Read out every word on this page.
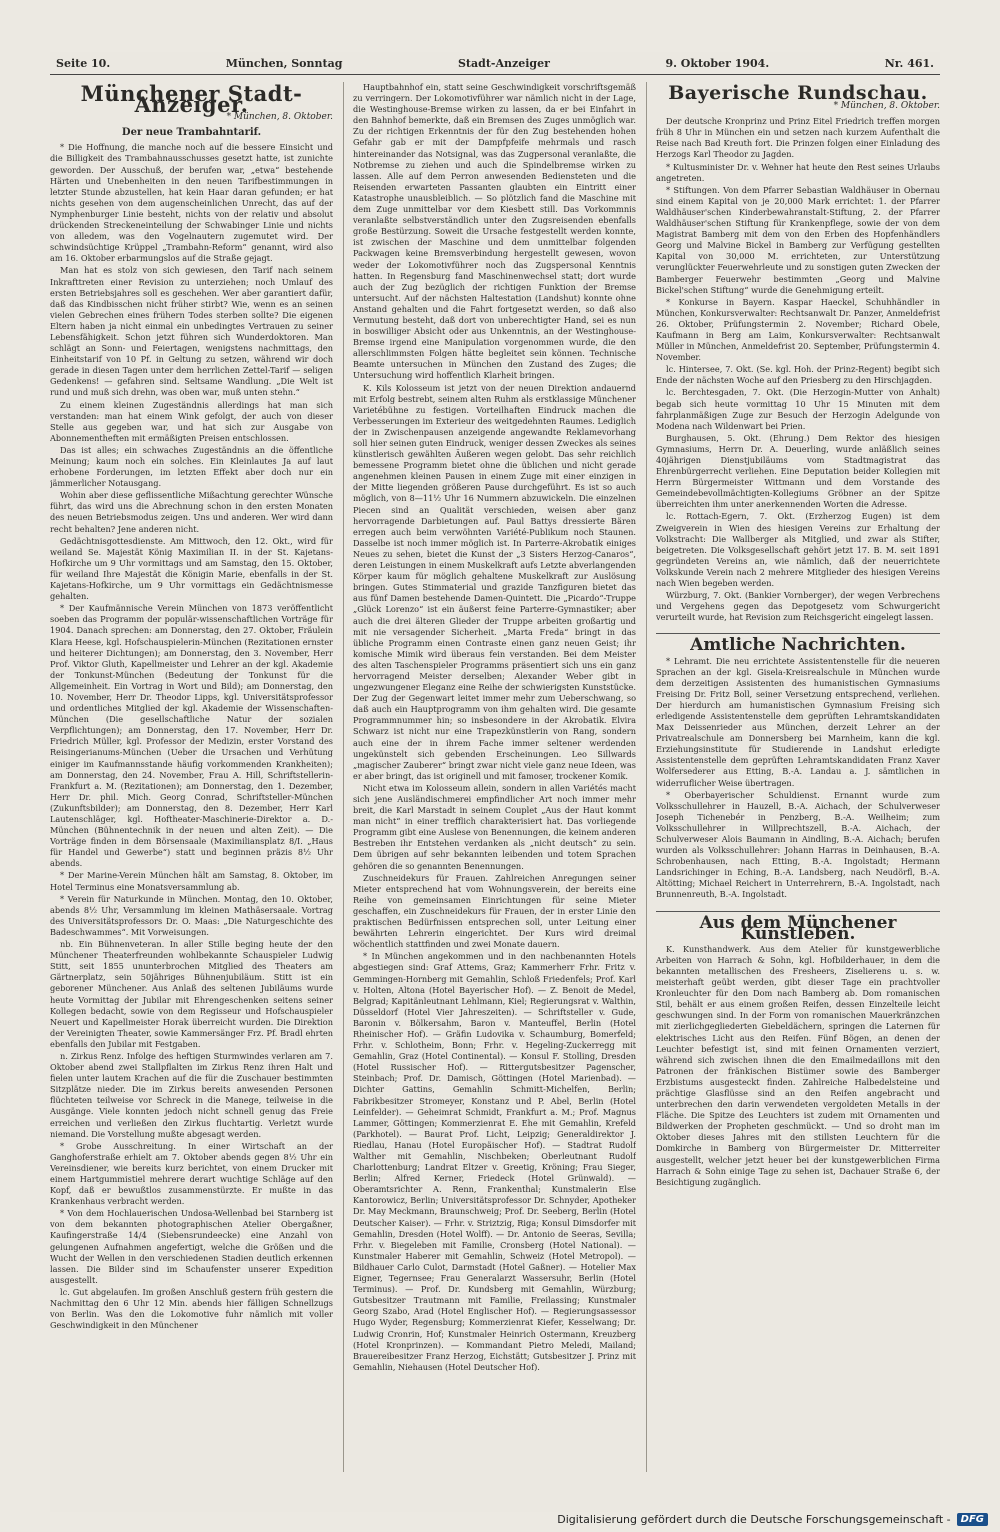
Seite 10.	München, Sonntag	Stadt-Anzeiger	9. Oktober 1904.	Nr. 461.
Münchener Stadt-Anzeiger.
* München, 8. Oktober.
Der neue Trambahntarif.
* Die Hoffnung, die manche noch auf die bessere Einsicht und die Billigkeit des Trambahnausschusses gesetzt hatte, ist zunichte geworden. Der Ausschuß, der berufen war, „etwa“ bestehende Härten und Unebenheiten in den neuen Tarifbestimmungen in letzter Stunde abzustellen, hat kein Haar daran gefunden; er hat nichts gesehen von dem augenscheinlichen Unrecht, das auf der Nymphenburger Linie besteht, nichts von der relativ und absolut drückenden Streckeneinteilung der Schwabinger Linie und nichts von alledem, was den Vogelnautern zugemutet wird. Der schwindsüchtige Krüppel „Trambahn-Reform“ genannt, wird also am 16. Oktober erbarmungslos auf die Straße gejagt.
Man hat es stolz von sich gewiesen, den Tarif nach seinem Inkrafttreten einer Revision zu unterziehen; noch Umlauf des ersten Betriebsjahres soll es geschehen. Wer aber garantiert dafür, daß das Kindbisschen nicht früher stirbt? Wie, wenn es an seinen vielen Gebrechen eines frühern Todes sterben sollte? Die eigenen Eltern haben ja nicht einmal ein unbedingtes Vertrauen zu seiner Lebensfähigkeit. Schon jetzt führen sich Wunderdoktoren. Man schlägt an Sonn- und Feiertagen, wenigstens nachmittags, den Einheitstarif von 10 Pf. in Geltung zu setzen, während wir doch gerade in diesen Tagen unter dem herrlichen Zettel-Tarif — seligen Gedenkens! — gefahren sind. Seltsame Wandlung. „Die Welt ist rund und muß sich drehn, was oben war, muß unten stehn.“
Zu einem kleinen Zugeständnis allerdings hat man sich verstanden: man hat einem Wink gefolgt, der auch von dieser Stelle aus gegeben war, und hat sich zur Ausgabe von Abonnementheften mit ermäßigten Preisen entschlossen.
Das ist alles; ein schwaches Zugeständnis an die öffentliche Meinung; kaum noch ein solches. Ein Kleinlautes Ja auf laut erhobene Forderungen, im letzten Effekt aber doch nur ein jämmerlicher Notausgang.
Wohin aber diese geflissentliche Mißachtung gerechter Wünsche führt, das wird uns die Abrechnung schon in den ersten Monaten des neuen Betriebsmodus zeigen. Uns und anderen. Wer wird dann recht behalten? Jene anderen nicht.
Gedächtnisgottesdienste. Am Mittwoch, den 12. Okt., wird für weiland Se. Majestät König Maximilian II. in der St. Kajetans-Hofkirche um 9 Uhr vormittags und am Samstag, den 15. Oktober, für weiland Ihre Majestät die Königin Marie, ebenfalls in der St. Kajetans-Hofkirche, um 9 Uhr vormittags ein Gedächtnismesse gehalten.
* Der Kaufmännische Verein München von 1873 veröffentlicht soeben das Programm der populär-wissenschaftlichen Vorträge für 1904. Danach sprechen: am Donnerstag, den 27. Oktober, Fräulein Klara Heese, kgl. Hofschauspielerin-München (Rezitationen ernster und heiterer Dichtungen); am Donnerstag, den 3. November, Herr Prof. Viktor Gluth, Kapellmeister und Lehrer an der kgl. Akademie der Tonkunst-München (Bedeutung der Tonkunst für die Allgemeinheit. Ein Vortrag in Wort und Bild); am Donnerstag, den 10. November, Herr Dr. Theodor Lipps, kgl. Universitätsprofessor und ordentliches Mitglied der kgl. Akademie der Wissenschaften-München (Die gesellschaftliche Natur der sozialen Verpflichtungen); am Donnerstag, den 17. November, Herr Dr. Friedrich Müller, kgl. Professor der Medizin, erster Vorstand des Reisingerianums-München (Ueber die Ursachen und Verhütung einiger im Kaufmannsstande häufig vorkommenden Krankheiten); am Donnerstag, den 24. November, Frau A. Hill, Schriftstellerin-Frankfurt a. M. (Rezitationen); am Donnerstag, den 1. Dezember, Herr Dr. phil. Mich. Georg Conrad, Schriftsteller-München (Zukunftsbilder); am Donnerstag, den 8. Dezember, Herr Karl Lautenschläger, kgl. Hoftheater-Maschinerie-Direktor a. D.-München (Bühnentechnik in der neuen und alten Zeit). — Die Vorträge finden in dem Börsensaale (Maximiliansplatz 8/I. „Haus für Handel und Gewerbe“) statt und beginnen präzis 8½ Uhr abends.
* Der Marine-Verein München hält am Samstag, 8. Oktober, im Hotel Terminus eine Monatsversammlung ab.
* Verein für Naturkunde in München. Montag, den 10. Oktober, abends 8½ Uhr, Versammlung im kleinen Mathäsersaale. Vortrag des Universitätsprofessors Dr. O. Maas: „Die Naturgeschichte des Badeschwammes“. Mit Vorweisungen.
nb. Ein Bühnenveteran. In aller Stille beging heute der den Münchener Theaterfreunden wohlbekannte Schauspieler Ludwig Stitt, seit 1855 ununterbrochen Mitglied des Theaters am Gärtnerplatz, sein 50jähriges Bühnenjubiläum. Stitt ist ein geborener Münchener. Aus Anlaß des seltenen Jubiläums wurde heute Vormittag der Jubilar mit Ehrengeschenken seitens seiner Kollegen bedacht, sowie von dem Regisseur und Hofschauspieler Neuert und Kapellmeister Horak überreicht wurden. Die Direktion der Vereinigten Theater, sowie Kammersänger Frz. Pf. Bradl ehrten ebenfalls den Jubilar mit Festgaben.
n. Zirkus Renz. Infolge des heftigen Sturmwindes verlaren am 7. Oktober abend zwei Stallpflalten im Zirkus Renz ihren Halt und fielen unter lautem Krachen auf die für die Zuschauer bestimmten Sitzplätze nieder. Die im Zirkus bereits anwesenden Personen flüchteten teilweise vor Schreck in die Manege, teilweise in die Ausgänge. Viele konnten jedoch nicht schnell genug das Freie erreichen und verließen den Zirkus fluchtartig. Verletzt wurde niemand. Die Vorstellung mußte abgesagt werden.
* Grobe Ausschreitung. In einer Wirtschaft an der Ganghoferstraße erhielt am 7. Oktober abends gegen 8½ Uhr ein Vereinsdiener, wie bereits kurz berichtet, von einem Drucker mit einem Hartgummistiel mehrere derart wuchtige Schläge auf den Kopf, daß er bewußtlos zusammenstürzte. Er mußte in das Krankenhaus verbracht werden.
* Von dem Hochlauerischen Undosa-Wellenbad bei Starnberg ist von dem bekannten photographischen Atelier Obergaßner, Kaufingerstraße 14/4 (Siebensrundeecke) eine Anzahl von gelungenen Aufnahmen angefertigt, welche die Größen und die Wucht der Wellen in den verschiedenen Stadien deutlich erkennen lassen. Die Bilder sind im Schaufenster unserer Expedition ausgestellt.
lc. Gut abgelaufen. Im großen Anschluß gestern früh gestern die Nachmittag den 6 Uhr 12 Min. abends hier fälligen Schnellzugs von Berlin. Was den die Lokomotive fuhr nämlich mit voller Geschwindigkeit in den Münchener
Hauptbahnhof ein, statt seine Geschwindigkeit vorschriftsgemäß zu verringern. Der Lokomotivführer war nämlich nicht in der Lage, die Westinghouse-Bremse wirken zu lassen, da er bei Einfahrt in den Bahnhof bemerkte, daß ein Bremsen des Zuges unmöglich war. Zu der richtigen Erkenntnis der für den Zug bestehenden hohen Gefahr gab er mit der Dampfpfeife mehrmals und rasch hintereinander das Notsignal, was das Zugpersonal veranlaßte, die Notbremse zu ziehen und auch die Spindelbremse wirken zu lassen. Alle auf dem Perron anwesenden Bediensteten und die Reisenden erwarteten Passanten glaubten ein Eintritt einer Katastrophe unausbleiblich. — So plötzlich fand die Maschine mit dem Zuge unmittelbar vor dem Kiesbett still. Das Vorkommnis veranlaßte selbstverständlich unter den Zugsreisenden ebenfalls große Bestürzung. Soweit die Ursache festgestellt werden konnte, ist zwischen der Maschine und dem unmittelbar folgenden Packwagen keine Bremsverbindung hergestellt gewesen, wovon weder der Lokomotivführer noch das Zugspersonal Kenntnis hatten. In Regensburg fand Maschinenwechsel statt; dort wurde auch der Zug bezüglich der richtigen Funktion der Bremse untersucht. Auf der nächsten Haltestation (Landshut) konnte ohne Anstand gehalten und die Fahrt fortgesetzt werden, so daß also Vermutung besteht, daß dort von unberechtigter Hand, sei es nun in boswilliger Absicht oder aus Unkenntnis, an der Westinghouse-Bremse irgend eine Manipulation vorgenommen wurde, die den allerschlimmsten Folgen hätte begleitet sein können. Technische Beamte untersuchen in München den Zustand des Zuges; die Untersuchung wird hoffentlich Klarheit bringen.
K. Kils Kolosseum ist jetzt von der neuen Direktion andauernd mit Erfolg bestrebt, seinem alten Ruhm als erstklassige Münchener Varietébühne zu festigen. Vorteilhaften Eindruck machen die Verbesserungen im Exterieur des weitgedehnten Raumes. Lediglich der in Zwischenpausen anzeigende angewandte Reklamevorhang soll hier seinen guten Eindruck, weniger dessen Zweckes als seines künstlerisch gewählten Äußeren wegen gelobt. Das sehr reichlich bemessene Programm bietet ohne die üblichen und nicht gerade angenehmen kleinen Pausen in einem Zuge mit einer einzigen in der Mitte liegenden größeren Pause durchgeführt. Es ist so auch möglich, von 8—11½ Uhr 16 Nummern abzuwickeln. Die einzelnen Piecen sind an Qualität verschieden, weisen aber ganz hervorragende Darbietungen auf. Paul Battys dressierte Bären erregen auch beim verwöhnten Variété-Publikum noch Staunen. Dasselbe ist noch immer möglich ist. In Parterre-Akrobatik einiges Neues zu sehen, bietet die Kunst der „3 Sisters Herzog-Canaros“, deren Leistungen in einem Muskelkraft aufs Letzte abverlangenden Körper kaum für möglich gehaltene Muskelkraft zur Auslösung bringen. Gutes Stimmaterial und grazide Tanzfiguren bietet das aus fünf Damen bestehende Damen-Quintett. Die „Picardo“-Truppe „Glück Lorenzo“ ist ein äußerst feine Parterre-Gymnastiker; aber auch die drei älteren Glieder der Truppe arbeiten großartig und mit nie versagender Sicherheit. „Marta Freda“ bringt in das übliche Programm einen Contraste einen ganz neuen Geist; ihr komische Mimik wird überaus fein verstanden. Bei dem Meister des alten Taschenspieler Programms präsentiert sich uns ein ganz hervorragend Meister derselben; Alexander Weber gibt in ungezwungener Eleganz eine Reihe der schwierigsten Kunststücke. Der Zug der Gegenwart leitet immer mehr zum Ueberschwang, so daß auch ein Hauptprogramm von ihm gehalten wird. Die gesamte Programmnummer hin; so insbesondere in der Akrobatik. Elvira Schwarz ist nicht nur eine Trapezkünstlerin von Rang, sondern auch eine der in ihrem Fache immer seltener werdenden ungekünstelt sich gebenden Erscheinungen. Leo Sillwards „magischer Zauberer“ bringt zwar nicht viele ganz neue Ideen, was er aber bringt, das ist originell und mit famoser, trockener Komik.
Nicht etwa im Kolosseum allein, sondern in allen Variétés macht sich jene Ausländischmerei empfindlicher Art noch immer mehr breit, die Karl Marstadt in seinem Couplet „Aus der Haut kommt man nicht“ in einer trefflich charakterisiert hat. Das vorliegende Programm gibt eine Auslese von Benennungen, die keinem anderen Bestreben ihr Entstehen verdanken als „nicht deutsch“ zu sein. Dem übrigen auf sehr bekannten leibenden und totem Sprachen gehören die so genannten Benennungen.
Zuschneidekurs für Frauen. Zahlreichen Anregungen seiner Mieter entsprechend hat vom Wohnungsverein, der bereits eine Reihe von gemeinsamen Einrichtungen für seine Mieter geschaffen, ein Zuschneidekurs für Frauen, der in erster Linie den praktischen Bedürfnissen entsprechen soll, unter Leitung einer bewährten Lehrerin eingerichtet. Der Kurs wird dreimal wöchentlich stattfinden und zwei Monate dauern.
* In München angekommen und in den nachbenannten Hotels abgestiegen sind: Graf Attems, Graz; Kammerherr Frhr. Fritz v. Gemmingen-Hornberg mit Gemahlin, Schloß Friedenfels; Prof. Karl v. Holten, Altona (Hotel Bayerischer Hof). — Z. Benoit de Medel, Belgrad; Kapitänleutnant Lehlmann, Kiel; Regierungsrat v. Walthin, Düsseldorf (Hotel Vier Jahreszeiten). — Schriftsteller v. Gude, Baronin v. Bölkersahm, Baron v. Manteuffel, Berlin (Hotel Rheinischer Hof). — Gräfin Ludovika v. Schaumburg, Bomerfeld; Frhr. v. Schlotheim, Bonn; Frhr. v. Hegeling-Zuckerregg mit Gemahlin, Graz (Hotel Continental). — Konsul F. Stolling, Dresden (Hotel Russischer Hof). — Rittergutsbesitzer Pagenscher, Steinbach; Prof. Dr. Damisch, Göttingen (Hotel Marienbad). — Dichter Gattins, Gemahlin Schmitt-Michelfen, Berlin; Fabrikbesitzer Stromeyer, Konstanz und P. Abel, Berlin (Hotel Leinfelder). — Geheimrat Schmidt, Frankfurt a. M.; Prof. Magnus Lammer, Göttingen; Kommerzienrat E. Ehe mit Gemahlin, Krefeld (Parkhotel). — Baurat Prof. Licht, Leipzig; Generaldirektor J. Riedlau, Hanau (Hotel Europäischer Hof). — Stadtrat Rudolf Walther mit Gemahlin, Nischbeken; Oberleutnant Rudolf Charlottenburg; Landrat Eltzer v. Greetig, Kröning; Frau Sieger, Berlin; Alfred Kerner, Friedeck (Hotel Grünwald). — Oberamtsrichter A. Renn, Frankenthal; Kunstmalerin Else Kantorowicz, Berlin; Universitätsprofessor Dr. Schnyder, Apotheker Dr. May Meckmann, Braunschweig; Prof. Dr. Seeberg, Berlin (Hotel Deutscher Kaiser). — Frhr. v. Striztzig, Riga; Konsul Dimsdorfer mit Gemahlin, Dresden (Hotel Wolff). — Dr. Antonio de Seeras, Sevilla; Frhr. v. Biegeleben mit Familie, Cronsberg (Hotel National). — Kunstmaler Haberer mit Gemahlin, Schweiz (Hotel Metropol). — Bildhauer Carlo Culot, Darmstadt (Hotel Gaßner). — Hotelier Max Eigner, Tegernsee; Frau Generalarzt Wassersuhr, Berlin (Hotel Terminus). — Prof. Dr. Kundsberg mit Gemahlin, Würzburg; Gutsbesitzer Trautmann mit Familie, Freilassing; Kunstmaler Georg Szabo, Arad (Hotel Englischer Hof). — Regierungsassessor Hugo Wyder, Regensburg; Kommerzienrat Kiefer, Kesselwang; Dr. Ludwig Cronrin, Hof; Kunstmaler Heinrich Ostermann, Kreuzberg (Hotel Kronprinzen). — Kommandant Pietro Meledi, Mailand; Brauereibesitzer Franz Herzog, Eichstätt; Gutsbesitzer J. Prinz mit Gemahlin, Niehausen (Hotel Deutscher Hof).
Bayerische Rundschau.
* München, 8. Oktober.
Der deutsche Kronprinz und Prinz Eitel Friedrich treffen morgen früh 8 Uhr in München ein und setzen nach kurzem Aufenthalt die Reise nach Bad Kreuth fort. Die Prinzen folgen einer Einladung des Herzogs Karl Theodor zu Jagden.
* Kultusminister Dr. v. Wehner hat heute den Rest seines Urlaubs angetreten.
* Stiftungen. Von dem Pfarrer Sebastian Waldhäuser in Obernau sind einem Kapital von je 20,000 Mark errichtet: 1. der Pfarrer Waldhäuser'schen Kinderbewahranstalt-Stiftung, 2. der Pfarrer Waldhäuser'schen Stiftung für Krankenpflege, sowie der von dem Magistrat Bamberg mit dem von den Erben des Hopfenhändlers Georg und Malvine Bickel in Bamberg zur Verfügung gestellten Kapital von 30,000 M. errichteten, zur Unterstützung verunglückter Feuerwehrleute und zu sonstigen guten Zwecken der Bamberger Feuerwehr bestimmten „Georg und Malvine Bickel'schen Stiftung“ wurde die Genehmigung erteilt.
* Konkurse in Bayern. Kaspar Haeckel, Schuhhändler in München, Konkursverwalter: Rechtsanwalt Dr. Panzer, Anmeldefrist 26. Oktober, Prüfungstermin 2. November; Richard Obele, Kaufmann in Berg am Laim, Konkursverwalter: Rechtsanwalt Müller in München, Anmeldefrist 20. September, Prüfungstermin 4. November.
lc. Hintersee, 7. Okt. (Se. kgl. Hoh. der Prinz-Regent) begibt sich Ende der nächsten Woche auf den Priesberg zu den Hirschjagden.
lc. Berchtesgaden, 7. Okt. (Die Herzogin-Mutter von Anhalt) begab sich heute vormittag 10 Uhr 15 Minuten mit dem fahrplanmäßigen Zuge zur Besuch der Herzogin Adelgunde von Modena nach Wildenwart bei Prien.
Burghausen, 5. Okt. (Ehrung.) Dem Rektor des hiesigen Gymnasiums, Herrn Dr. A. Deuerling, wurde anläßlich seines 40jährigen Dienstjubiläums vom Stadtmagistrat das Ehrenbürgerrecht verliehen. Eine Deputation beider Kollegien mit Herrn Bürgermeister Wittmann und dem Vorstande des Gemeindebevollmächtigten-Kollegiums Gröbner an der Spitze überreichten ihm unter anerkennenden Worten die Adresse.
lc. Rottach-Egern, 7. Okt. (Erzherzog Eugen) ist dem Zweigverein in Wien des hiesigen Vereins zur Erhaltung der Volkstracht: Die Wallberger als Mitglied, und zwar als Stifter, beigetreten. Die Volksgesellschaft gehört jetzt 17. B. M. seit 1891 gegründeten Vereins an, wie nämlich, daß der neuerrichtete Volkskunde Verein nach 2 mehrere Mitglieder des hiesigen Vereins nach Wien begeben werden.
Würzburg, 7. Okt. (Bankier Vornberger), der wegen Verbrechens und Vergehens gegen das Depotgesetz vom Schwurgericht verurteilt wurde, hat Revision zum Reichsgericht eingelegt lassen.
Amtliche Nachrichten.
* Lehramt. Die neu errichtete Assistentenstelle für die neueren Sprachen an der kgl. Gisela-Kreisrealschule in München wurde dem derzeitigen Assistenten des humanistischen Gymnasiums Freising Dr. Fritz Boll, seiner Versetzung entsprechend, verliehen. Der hierdurch am humanistischen Gymnasium Freising sich erledigende Assistentenstelle dem geprüften Lehramtskandidaten Max Deissenrieder aus München, derzeit Lehrer an der Privatrealschule am Donnersberg bei Marnheim, kann die kgl. Erziehungsinstitute für Studierende in Landshut erledigte Assistentenstelle dem geprüften Lehramtskandidaten Franz Xaver Wolfersederer aus Etting, B.-A. Landau a. J. sämtlichen in widerruflicher Weise übertragen.
* Oberbayerischer Schuldienst. Ernannt wurde zum Volksschullehrer in Hauzell, B.-A. Aichach, der Schulverweser Joseph Tichenebér in Penzberg, B.-A. Weilheim; zum Volksschullehrer in Willprechtszell, B.-A. Aichach, der Schulverweser Alois Baumann in Aindling, B.-A. Aichach; berufen wurden als Volksschullehrer: Johann Harras in Deinhausen, B.-A. Schrobenhausen, nach Etting, B.-A. Ingolstadt; Hermann Landsrichinger in Eching, B.-A. Landsberg, nach Neudörfl, B.-A. Altötting; Michael Reichert in Unterrehrern, B.-A. Ingolstadt, nach Brunnenreuth, B.-A. Ingolstadt.
Aus dem Münchener Kunstleben.
K. Kunsthandwerk. Aus dem Atelier für kunstgewerbliche Arbeiten von Harrach & Sohn, kgl. Hofbilderhauer, in dem die bekannten metallischen des Fresheers, Ziselierens u. s. w. meisterhaft geübt werden, gibt dieser Tage ein prachtvoller Kronleuchter für den Dom nach Bamberg ab. Dom romanischen Stil, behält er aus einem großen Reifen, dessen Einzelteile leicht geschwungen sind. In der Form von romanischen Mauerkränzchen mit zierlichgegliederten Giebeldächern, springen die Laternen für elektrisches Licht aus den Reifen. Fünf Bögen, an denen der Leuchter befestigt ist, sind mit feinen Ornamenten verziert, während sich zwischen ihnen die den Emailmedaillons mit den Patronen der fränkischen Bistümer sowie des Bamberger Erzbistums ausgesteckt finden. Zahlreiche Halbedelsteine und prächtige Glasflüsse sind an den Reifen angebracht und unterbrechen den darin verwendeten vergoldeten Metalls in der Fläche. Die Spitze des Leuchters ist zudem mit Ornamenten und Bildwerken der Propheten geschmückt. — Und so droht man im Oktober dieses Jahres mit den stillsten Leuchtern für die Domkirche in Bamberg von Bürgermeister Dr. Mitterreiter ausgestellt, welcher jetzt heuer bei der kunstgewerblichen Firma Harrach & Sohn einige Tage zu sehen ist, Dachauer Straße 6, der Besichtigung zugänglich.
Digitalisierung gefördert durch die Deutsche Forschungsgemeinschaft -	DFG
